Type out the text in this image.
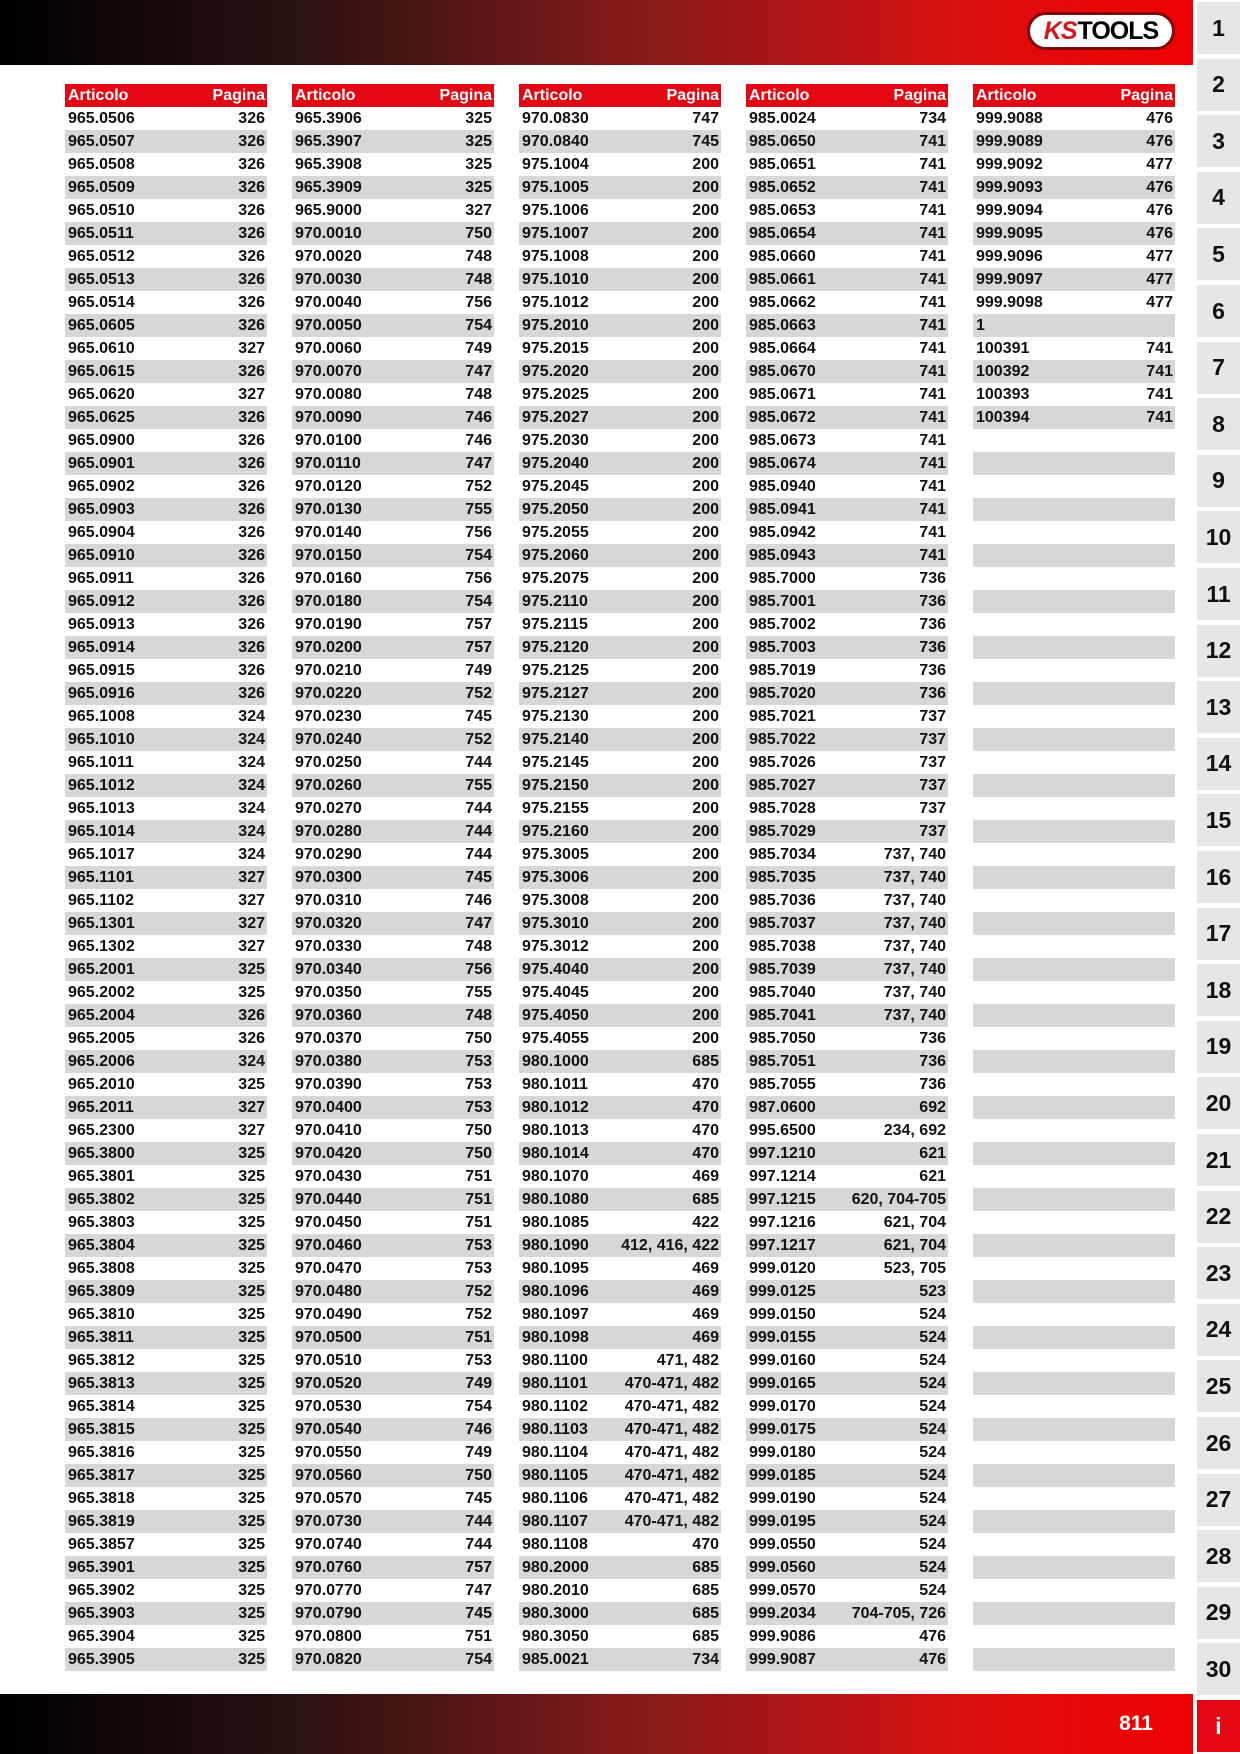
KS TOOLS
Articolo	Pagina
965.0506	326
965.0507	326
965.0508	326
965.0509	326
965.0510	326
965.0511	326
965.0512	326
965.0513	326
965.0514	326
965.0605	326
965.0610	327
965.0615	326
965.0620	327
965.0625	326
965.0900	326
965.0901	326
965.0902	326
965.0903	326
965.0904	326
965.0910	326
965.0911	326
965.0912	326
965.0913	326
965.0914	326
965.0915	326
965.0916	326
965.1008	324
965.1010	324
965.1011	324
965.1012	324
965.1013	324
965.1014	324
965.1017	324
965.1101	327
965.1102	327
965.1301	327
965.1302	327
965.2001	325
965.2002	325
965.2004	326
965.2005	326
965.2006	324
965.2010	325
965.2011	327
965.2300	327
965.3800	325
965.3801	325
965.3802	325
965.3803	325
965.3804	325
965.3808	325
965.3809	325
965.3810	325
965.3811	325
965.3812	325
965.3813	325
965.3814	325
965.3815	325
965.3816	325
965.3817	325
965.3818	325
965.3819	325
965.3857	325
965.3901	325
965.3902	325
965.3903	325
965.3904	325
965.3905	325
Articolo	Pagina
965.3906	325
965.3907	325
965.3908	325
965.3909	325
965.9000	327
970.0010	750
970.0020	748
970.0030	748
970.0040	756
970.0050	754
970.0060	749
970.0070	747
970.0080	748
970.0090	746
970.0100	746
970.0110	747
970.0120	752
970.0130	755
970.0140	756
970.0150	754
970.0160	756
970.0180	754
970.0190	757
970.0200	757
970.0210	749
970.0220	752
970.0230	745
970.0240	752
970.0250	744
970.0260	755
970.0270	744
970.0280	744
970.0290	744
970.0300	745
970.0310	746
970.0320	747
970.0330	748
970.0340	756
970.0350	755
970.0360	748
970.0370	750
970.0380	753
970.0390	753
970.0400	753
970.0410	750
970.0420	750
970.0430	751
970.0440	751
970.0450	751
970.0460	753
970.0470	753
970.0480	752
970.0490	752
970.0500	751
970.0510	753
970.0520	749
970.0530	754
970.0540	746
970.0550	749
970.0560	750
970.0570	745
970.0730	744
970.0740	744
970.0760	757
970.0770	747
970.0790	745
970.0800	751
970.0820	754
Articolo	Pagina
970.0830	747
970.0840	745
975.1004	200
975.1005	200
975.1006	200
975.1007	200
975.1008	200
975.1010	200
975.1012	200
975.2010	200
975.2015	200
975.2020	200
975.2025	200
975.2027	200
975.2030	200
975.2040	200
975.2045	200
975.2050	200
975.2055	200
975.2060	200
975.2075	200
975.2110	200
975.2115	200
975.2120	200
975.2125	200
975.2127	200
975.2130	200
975.2140	200
975.2145	200
975.2150	200
975.2155	200
975.2160	200
975.3005	200
975.3006	200
975.3008	200
975.3010	200
975.3012	200
975.4040	200
975.4045	200
975.4050	200
975.4055	200
980.1000	685
980.1011	470
980.1012	470
980.1013	470
980.1014	470
980.1070	469
980.1080	685
980.1085	422
980.1090 412, 416, 422
980.1095	469
980.1096	469
980.1097	469
980.1098	469
980.1100	471, 482
980.1101 470-471, 482
980.1102 470-471, 482
980.1103 470-471, 482
980.1104 470-471, 482
980.1105 470-471, 482
980.1106 470-471, 482
980.1107 470-471, 482
980.1108	470
980.2000	685
980.2010	685
980.3000	685
980.3050	685
985.0021	734
Articolo	Pagina
985.0024	734
985.0650	741
985.0651	741
985.0652	741
985.0653	741
985.0654	741
985.0660	741
985.0661	741
985.0662	741
985.0663	741
985.0664	741
985.0670	741
985.0671	741
985.0672	741
985.0673	741
985.0674	741
985.0940	741
985.0941	741
985.0942	741
985.0943	741
985.7000	736
985.7001	736
985.7002	736
985.7003	736
985.7019	736
985.7020	736
985.7021	737
985.7022	737
985.7026	737
985.7027	737
985.7028	737
985.7029	737
985.7034	737, 740
985.7035	737, 740
985.7036	737, 740
985.7037	737, 740
985.7038	737, 740
985.7039	737, 740
985.7040	737, 740
985.7041	737, 740
985.7050	736
985.7051	736
985.7055	736
987.0600	692
995.6500	234, 692
997.1210	621
997.1214	621
997.1215 620, 704-705
997.1216	621, 704
997.1217	621, 704
999.0120	523, 705
999.0125	523
999.0150	524
999.0155	524
999.0160	524
999.0165	524
999.0170	524
999.0175	524
999.0180	524
999.0185	524
999.0190	524
999.0195	524
999.0550	524
999.0560	524
999.0570	524
999.2034 704-705, 726
999.9086	476
999.9087	476
Articolo	Pagina
999.9088	476
999.9089	476
999.9092	477
999.9093	476
999.9094	476
999.9095	476
999.9096	477
999.9097	477
999.9098	477
1
100391	741
100392	741
100393	741
100394	741
1
2
3
4
5
6
7
8
9
10
11
12
13
14
15
16
17
18
19
20
21
22
23
24
25
26
27
28
29
30
i
811
